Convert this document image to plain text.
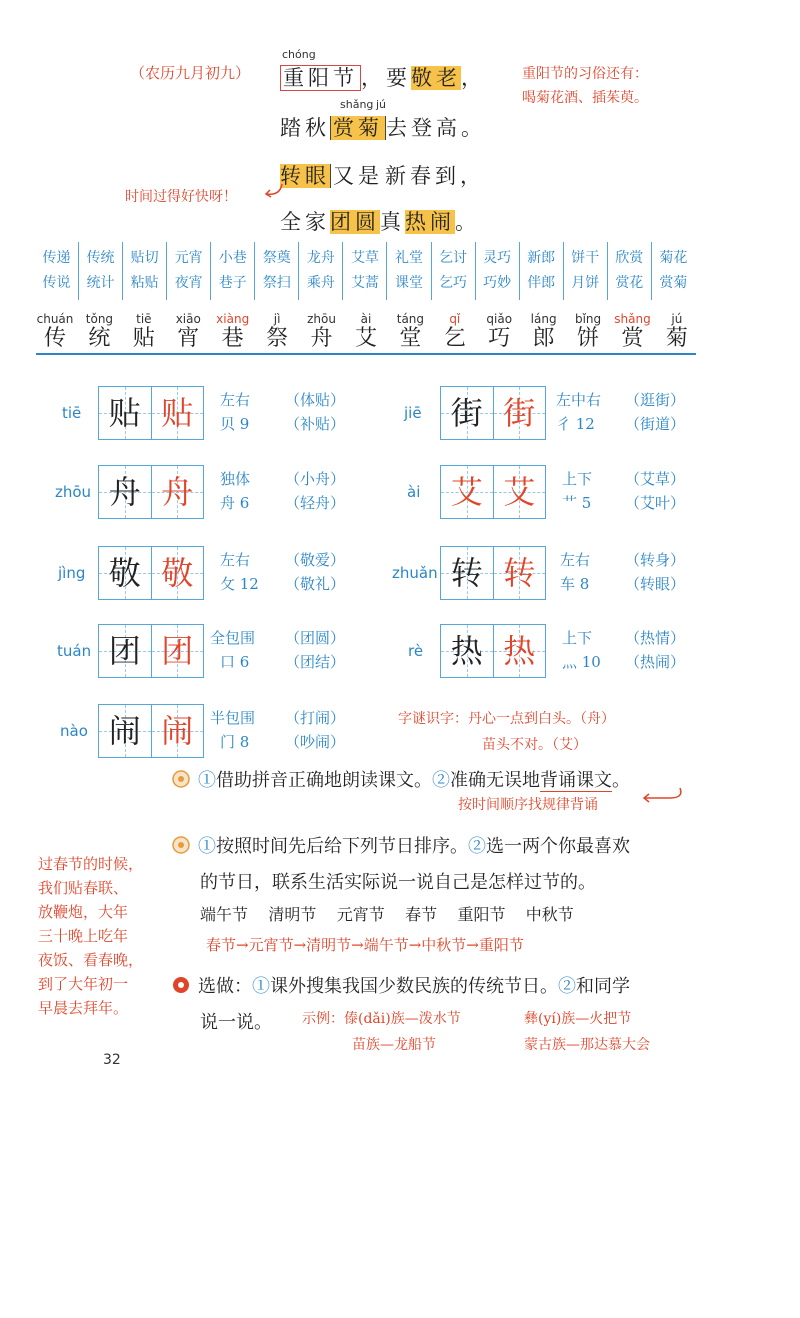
（农历九月初九）
chóng
重阳节 ，要敬老，
shǎng jú
踏秋 赏菊 去登高。
转眼 又是新春到，
全家团圆真热闹。
重阳节的习俗还有：
喝菊花酒、插茱萸。
时间过得好快呀！
传递
传说

传统
统计

贴切
粘贴

元宵
夜宵

小巷
巷子

祭奠
祭扫

龙舟
乘舟

艾草
艾蒿

礼堂
课堂

乞讨
乞巧

灵巧
巧妙

新郎
伴郎

饼干
月饼

欣赏
赏花

菊花
赏菊
chuán
传
tǒng
统
tiē
贴
xiāo
宵
xiàng
巷
jì
祭
zhōu
舟
ài
艾
táng
堂
qǐ
乞
qiǎo
巧
láng
郎
bǐng
饼
shǎng
赏
jú
菊
tiē 贴 贴	左右
贝 9
（体贴）
（补贴）
jiē 街 街	左中右
彳 12
（逛街）
（街道）
zhōu 舟 舟	独体
舟 6
（小舟）
（轻舟）
ài 艾 艾	上下
艹 5
（艾草）
（艾叶）
jìng 敬 敬	左右
攵 12
（敬爱）
（敬礼）
zhuǎn 转 转	左右
车 8
（转身）
（转眼）
tuán 团 团	全包围
口 6
（团圆）
（团结）
rè 热 热	上下
灬 10
（热情）
（热闹）
nào 闹 闹	半包围
门 8
（打闹）
（吵闹）
字谜识字：丹心一点到白头。（舟）
苗头不对。（艾）
①借助拼音正确地朗读课文。②准确无误地背诵课文。
按时间顺序找规律背诵
①按照时间先后给下列节日排序。②选一两个你最喜欢
的节日，联系生活实际说一说自己是怎样过节的。
端午节 清明节 元宵节 春节 重阳节 中秋节
春节→元宵节→清明节→端午节→中秋节→重阳节
选做：①课外搜集我国少数民族的传统节日。②和同学
说一说。 示例：傣(dǎi)族—泼水节	彝(yí)族—火把节
苗族—龙船节	蒙古族—那达慕大会
过春节的时候，
我们贴春联、
放鞭炮，大年
三十晚上吃年
夜饭、看春晚，
到了大年初一
早晨去拜年。
32
